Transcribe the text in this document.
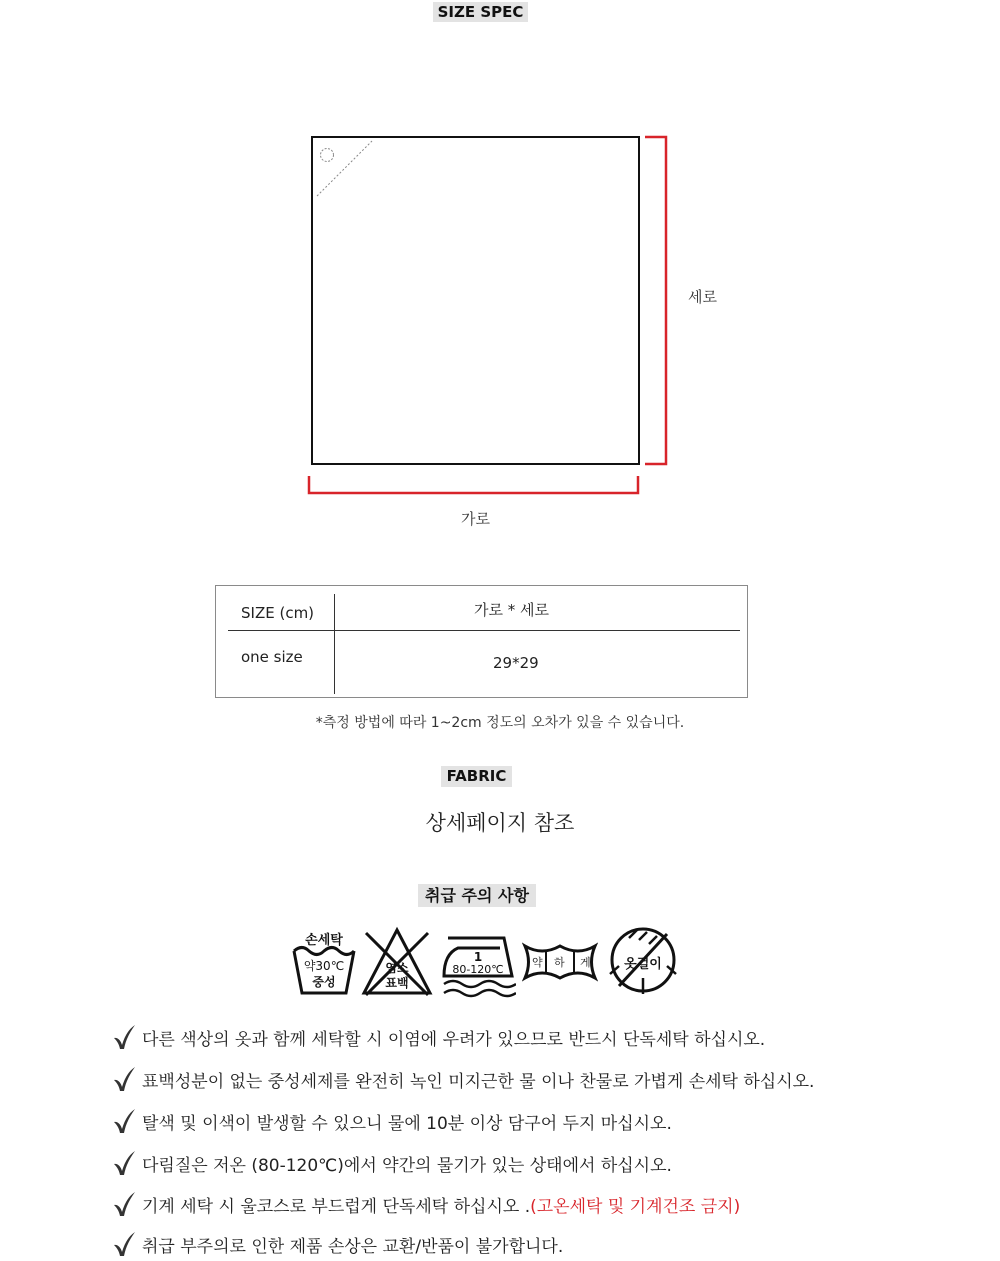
SIZE SPEC
세로
가로
SIZE (cm)	가로 * 세로
one size	29*29
*측정 방법에 따라 1~2cm 정도의 오차가 있을 수 있습니다.
FABRIC
상세페이지 참조
취급 주의 사항
손세탁
약30℃
중성
염소
표백
1
80-120℃
약 하 게	옷걸이
다른 색상의 옷과 함께 세탁할 시 이염에 우려가 있으므로 반드시 단독세탁 하십시오.
표백성분이 없는 중성세제를 완전히 녹인 미지근한 물 이나 찬물로 가볍게 손세탁 하십시오.
탈색 및 이색이 발생할 수 있으니 물에 10분 이상 담구어 두지 마십시오.
다림질은 저온 (80-120℃)에서 약간의 물기가 있는 상태에서 하십시오.
기계 세탁 시 울코스로 부드럽게 단독세탁 하십시오 . (고온세탁 및 기계건조 금지)
취급 부주의로 인한 제품 손상은 교환/반품이 불가합니다.
